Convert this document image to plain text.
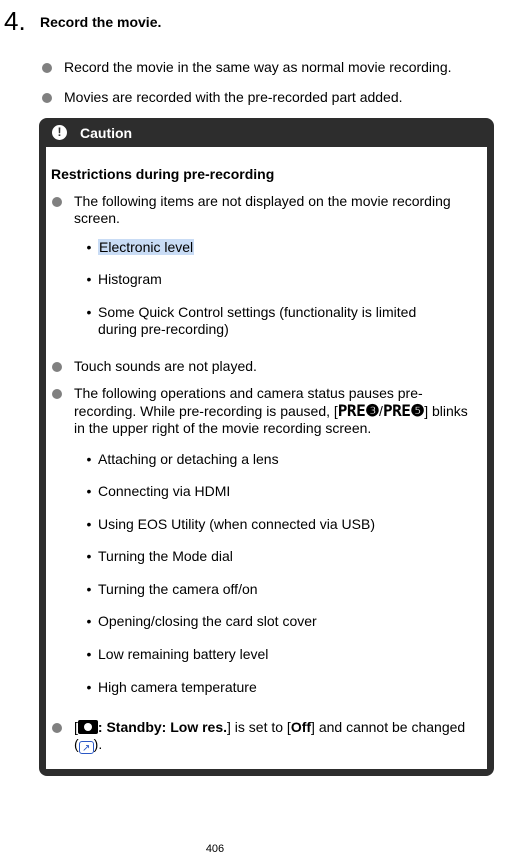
4. Record the movie.
Record the movie in the same way as normal movie recording.
Movies are recorded with the pre-recorded part added.
!	Caution
Restrictions during pre-recording
The following items are not displayed on the movie recording screen.
• Electronic level
• Histogram
• Some Quick Control settings (functionality is limited during pre-recording)
Touch sounds are not played.
The following operations and camera status pauses pre-recording. While pre-recording is paused, [PRE❸/PRE❺] blinks in the upper right of the movie recording screen.
• Attaching or detaching a lens
• Connecting via HDMI
• Using EOS Utility (when connected via USB)
• Turning the Mode dial
• Turning the camera off/on
• Opening/closing the card slot cover
• Low remaining battery level
• High camera temperature
[ : Standby: Low res.] is set to [Off] and cannot be changed
( ↗ ).
406
